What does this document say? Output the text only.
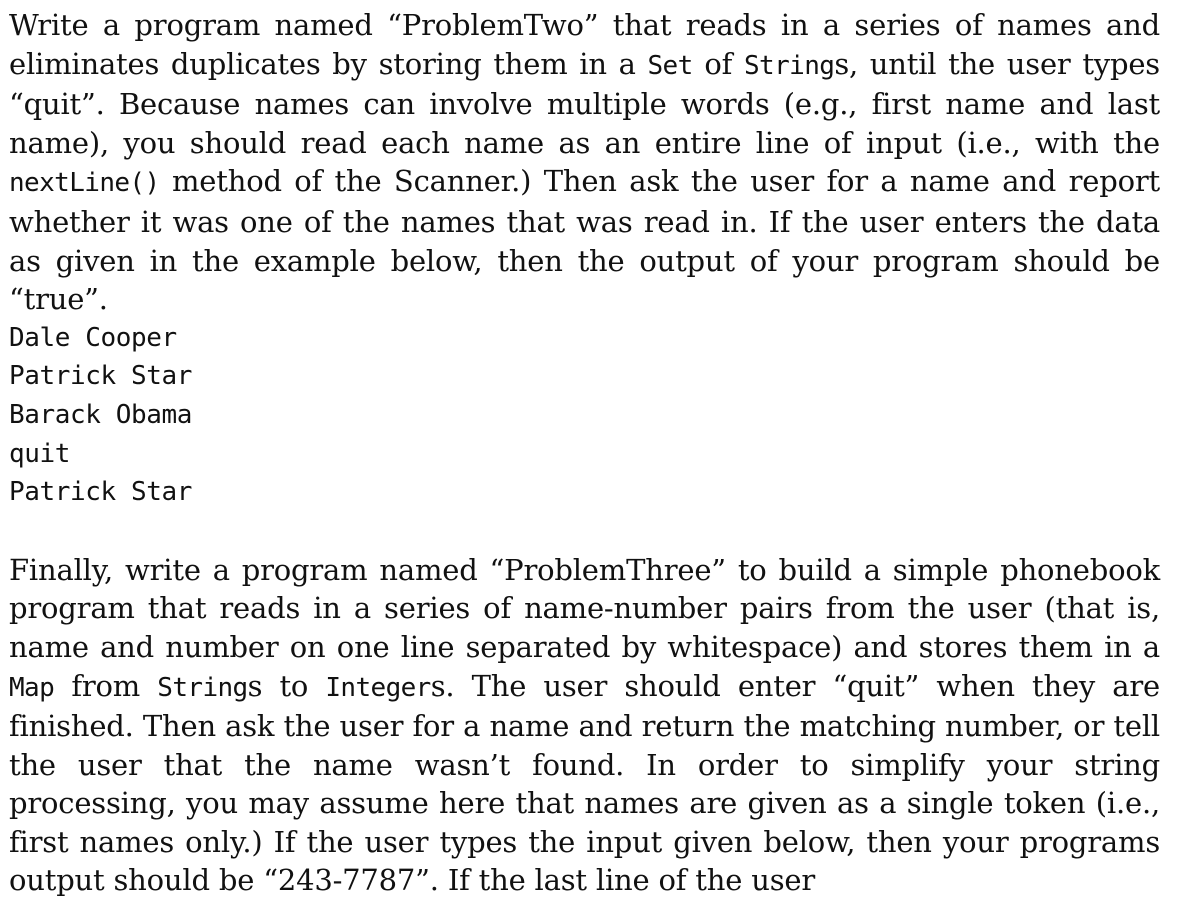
Write a program named “ProblemTwo” that reads in a series of names and eliminates duplicates by storing them in a Set of Strings, until the user types “quit”. Because names can involve multiple words (e.g., first name and last name), you should read each name as an entire line of input (i.e., with the nextLine() method of the Scanner.) Then ask the user for a name and report whether it was one of the names that was read in. If the user enters the data as given in the example below, then the output of your program should be “true”.

Dale Cooper
Patrick Star
Barack Obama
quit
Patrick Star

Finally, write a program named “ProblemThree” to build a simple phonebook program that reads in a series of name-number pairs from the user (that is, name and number on one line separated by whitespace) and stores them in a Map from Strings to Integers. The user should enter “quit” when they are finished. Then ask the user for a name and return the matching number, or tell the user that the name wasn’t found. In order to simplify your string processing, you may assume here that names are given as a single token (i.e., first names only.) If the user types the input given below, then your programs output should be “243-7787”. If the last line of the user
